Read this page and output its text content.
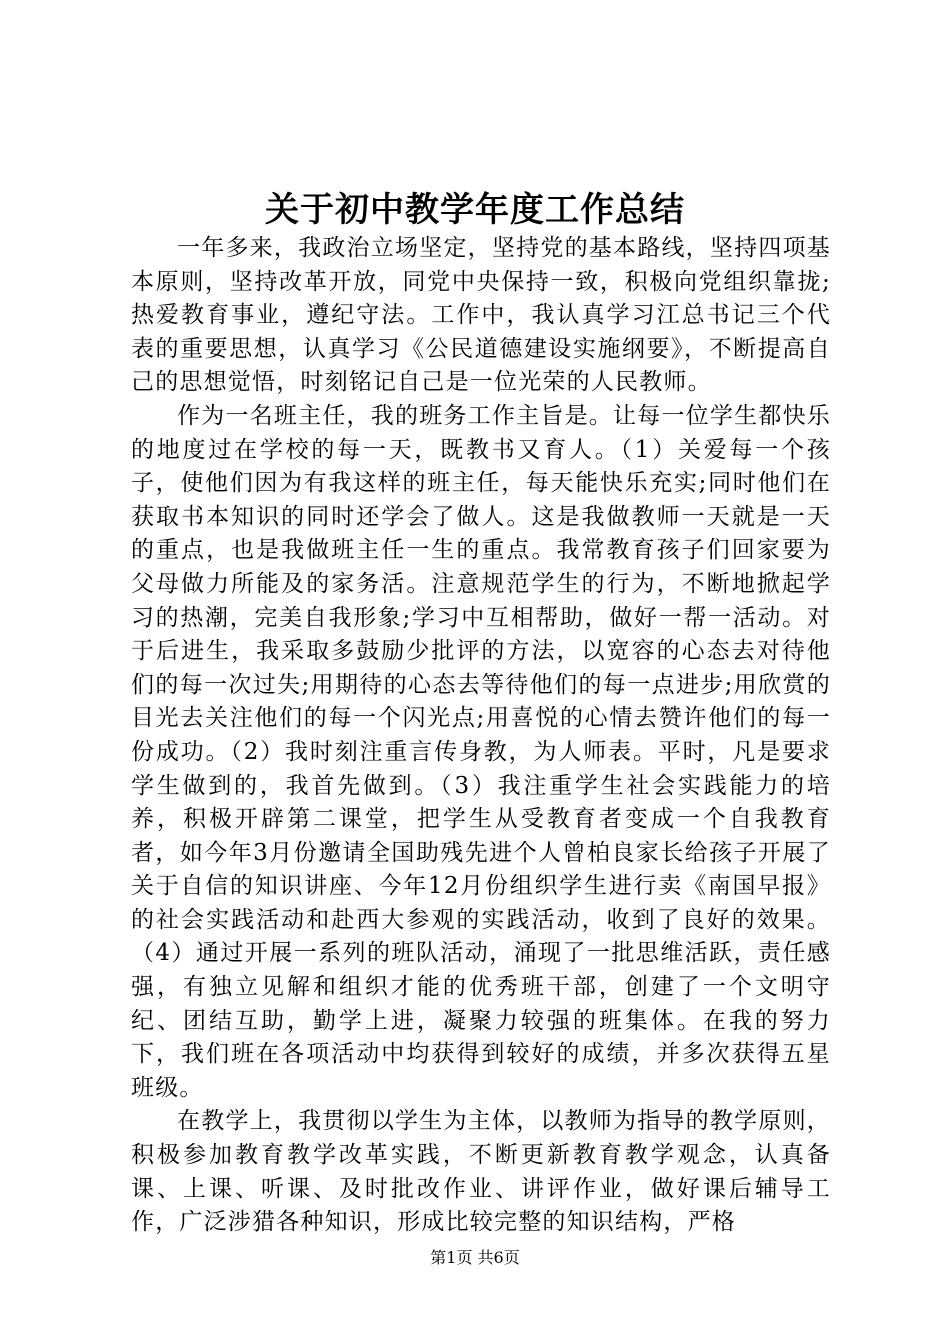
关于初中教学年度工作总结

一年多来，我政治立场坚定，坚持党的基本路线，坚持四项基本原则，坚持改革开放，同党中央保持一致，积极向党组织靠拢;热爱教育事业，遵纪守法。工作中，我认真学习江总书记三个代表的重要思想，认真学习《公民道德建设实施纲要》，不断提高自己的思想觉悟，时刻铭记自己是一位光荣的人民教师。

作为一名班主任，我的班务工作主旨是。让每一位学生都快乐的地度过在学校的每一天，既教书又育人。（1）关爱每一个孩子，使他们因为有我这样的班主任，每天能快乐充实;同时他们在获取书本知识的同时还学会了做人。这是我做教师一天就是一天的重点，也是我做班主任一生的重点。我常教育孩子们回家要为父母做力所能及的家务活。注意规范学生的行为，不断地掀起学习的热潮，完美自我形象;学习中互相帮助，做好一帮一活动。对于后进生，我采取多鼓励少批评的方法，以宽容的心态去对待他们的每一次过失;用期待的心态去等待他们的每一点进步;用欣赏的目光去关注他们的每一个闪光点;用喜悦的心情去赞许他们的每一份成功。（2）我时刻注重言传身教，为人师表。平时，凡是要求学生做到的，我首先做到。（3）我注重学生社会实践能力的培养，积极开辟第二课堂，把学生从受教育者变成一个自我教育者，如今年3月份邀请全国助残先进个人曾柏良家长给孩子开展了关于自信的知识讲座、今年12月份组织学生进行卖《南国早报》的社会实践活动和赴西大参观的实践活动，收到了良好的效果。（4）通过开展一系列的班队活动，涌现了一批思维活跃，责任感强，有独立见解和组织才能的优秀班干部，创建了一个文明守纪、团结互助，勤学上进，凝聚力较强的班集体。在我的努力下，我们班在各项活动中均获得到较好的成绩，并多次获得五星班级。

在教学上，我贯彻以学生为主体，以教师为指导的教学原则，积极参加教育教学改革实践，不断更新教育教学观念，认真备课、上课、听课、及时批改作业、讲评作业，做好课后辅导工作，广泛涉猎各种知识，形成比较完整的知识结构，严格

第1页 共6页
